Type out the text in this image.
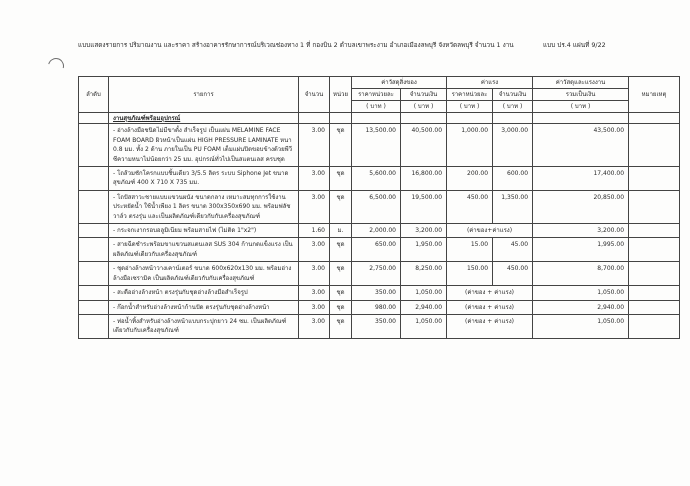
แบบแสดงรายการ ปริมาณงาน และราคา สร้างอาคารรักษาการณ์บริเวณช่องทาง 1 ที่ กองบิน 2 ตำบลเขาพระงาม อำเภอเมืองลพบุรี จังหวัดลพบุรี จำนวน 1 งาน	แบบ ปร.4 แผ่นที่ 9/22
ลำดับ	รายการ	จำนวน	หน่วย	ค่าวัสดุสิ่งของ		ค่าแรง		ค่าวัสดุและแรงงาน	หมายเหตุ
				ราคาหน่วยละ	จำนวนเงิน	ราคาหน่วยละ	จำนวนเงิน	รวมเป็นเงิน	
				( บาท )	( บาท )	( บาท )	( บาท )	( บาท )	
	งานสุขภัณฑ์พร้อมอุปกรณ์								
	- อ่างล้างมือชนิดไม่มีขาตั้ง สำเร็จรูป เป็นแผ่น MELAMINE FACE FOAM BOARD ผิวหน้าเป็นแผ่น HIGH PRESSURE LAMINATE หนา 0.8 มม. ทั้ง 2 ด้าน ภายในเป็น PU FOAM เต็มแผ่นปิดขอบข้างด้วยพีวีซีความหนาไม่น้อยกว่า 25 มม. อุปกรณ์ทั่วไปเป็นสแตนเลส ครบชุด	3.00	ชุด	13,500.00	40,500.00	1,000.00	3,000.00	43,500.00	
	- โถส้วมชักโครกแบบชิ้นเดียว 3/5.5 ลิตร ระบบ Siphone Jet ขนาดสุขภัณฑ์ 400 X 710 X 735 มม.	3.00	ชุด	5,600.00	16,800.00	200.00	600.00	17,400.00	
	- โถปัสสาวะชายแบบแขวนผนัง ขนาดกลาง เหมาะสมทุกการใช้งาน ประหยัดน้ำ ใช้น้ำเพียง 1 ลิตร ขนาด 300x350x690 มม. พร้อมฟลัชวาล์ว ตรงรุ่น และเป็นผลิตภัณฑ์เดียวกับกับเครื่องสุขภัณฑ์	3.00	ชุด	6,500.00	19,500.00	450.00	1,350.00	20,850.00	
	- กระจกเงากรอบอลูมิเนียม พร้อมสายไฟ (ไม่ติด 1"x2")	1.60	ม.	2,000.00	3,200.00	(ค่าของ+ค่าแรง)		3,200.00	
	- สายฉีดชำระพร้อมขาแขวนสแตนเลส SUS 304 ก้านกดแข็งแรง เป็นผลิตภัณฑ์เดียวกับเครื่องสุขภัณฑ์	3.00	ชุด	650.00	1,950.00	15.00	45.00	1,995.00	
	- ชุดอ่างล้างหน้าวางเคาน์เตอร์ ขนาด 600x620x130 มม. พร้อมอ่างล้างมือเซรามิค เป็นผลิตภัณฑ์เดียวกับกับเครื่องสุขภัณฑ์	3.00	ชุด	2,750.00	8,250.00	150.00	450.00	8,700.00	
	- สะดืออ่างล้างหน้า ตรงรุ่นกับชุดอ่างล้างมือสำเร็จรูป	3.00	ชุด	350.00	1,050.00	(ค่าของ + ค่าแรง)		1,050.00	
	- ก๊อกน้ำสำหรับอ่างล้างหน้าก้านปัด ตรงรุ่นกับชุดอ่างล้างหน้า	3.00	ชุด	980.00	2,940.00	(ค่าของ + ค่าแรง)		2,940.00	
	- ท่อน้ำทิ้งสำหรับอ่างล้างหน้าแบบกระปุกยาว 24 ซม. เป็นผลิตภัณฑ์เดียวกับกับเครื่องสุขภัณฑ์	3.00	ชุด	350.00	1,050.00	(ค่าของ + ค่าแรง)		1,050.00	
